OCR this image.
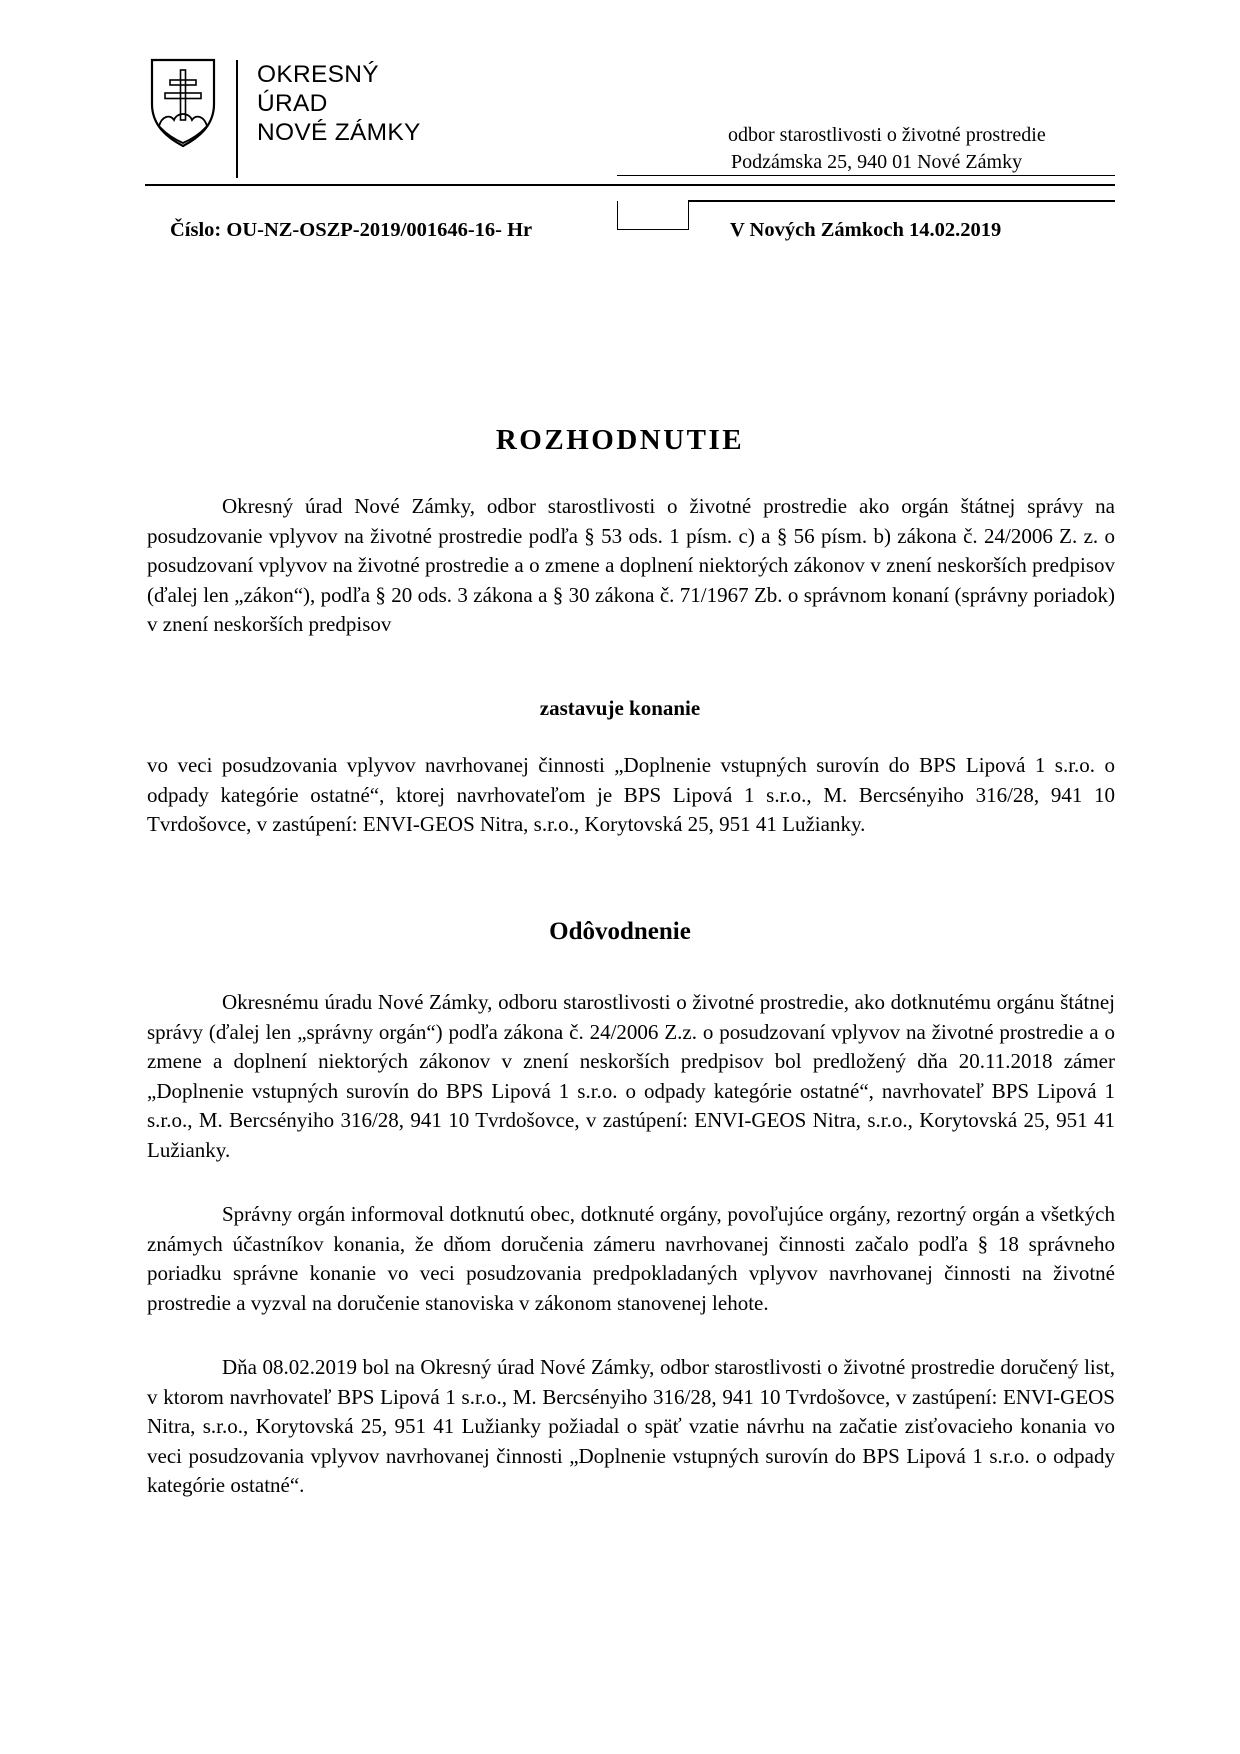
OKRESNÝ
ÚRAD
NOVÉ ZÁMKY	odbor starostlivosti o životné prostredie
Podzámska 25, 940 01 Nové Zámky
Číslo: OU-NZ-OSZP-2019/001646-16- Hr	V Nových Zámkoch 14.02.2019
ROZHODNUTIE
Okresný úrad Nové Zámky, odbor starostlivosti o životné prostredie ako orgán štátnej správy na posudzovanie vplyvov na životné prostredie podľa § 53 ods. 1 písm. c) a § 56 písm. b) zákona č. 24/2006 Z. z. o posudzovaní vplyvov na životné prostredie a o zmene a doplnení niektorých zákonov v znení neskorších predpisov (ďalej len „zákon“), podľa § 20 ods. 3 zákona a § 30 zákona č. 71/1967 Zb. o správnom konaní (správny poriadok) v znení neskorších predpisov
zastavuje konanie
vo veci posudzovania vplyvov navrhovanej činnosti „Doplnenie vstupných surovín do BPS Lipová 1 s.r.o. o odpady kategórie ostatné“, ktorej navrhovateľom je BPS Lipová 1 s.r.o., M. Bercsényiho 316/28, 941 10 Tvrdošovce, v zastúpení: ENVI-GEOS Nitra, s.r.o., Korytovská 25, 951 41 Lužianky.
Odôvodnenie
Okresnému úradu Nové Zámky, odboru starostlivosti o životné prostredie, ako dotknutému orgánu štátnej správy (ďalej len „správny orgán“) podľa zákona č. 24/2006 Z.z. o posudzovaní vplyvov na životné prostredie a o zmene a doplnení niektorých zákonov v znení neskorších predpisov bol predložený dňa 20.11.2018 zámer „Doplnenie vstupných surovín do BPS Lipová 1 s.r.o. o odpady kategórie ostatné“, navrhovateľ BPS Lipová 1 s.r.o., M. Bercsényiho 316/28, 941 10 Tvrdošovce, v zastúpení: ENVI-GEOS Nitra, s.r.o., Korytovská 25, 951 41 Lužianky.
Správny orgán informoval dotknutú obec, dotknuté orgány, povoľujúce orgány, rezortný orgán a všetkých známych účastníkov konania, že dňom doručenia zámeru navrhovanej činnosti začalo podľa § 18 správneho poriadku správne konanie vo veci posudzovania predpokladaných vplyvov navrhovanej činnosti na životné prostredie a vyzval na doručenie stanoviska v zákonom stanovenej lehote.
Dňa 08.02.2019 bol na Okresný úrad Nové Zámky, odbor starostlivosti o životné prostredie doručený list, v ktorom navrhovateľ BPS Lipová 1 s.r.o., M. Bercsényiho 316/28, 941 10 Tvrdošovce, v zastúpení: ENVI-GEOS Nitra, s.r.o., Korytovská 25, 951 41 Lužianky požiadal o späť vzatie návrhu na začatie zisťovacieho konania vo veci posudzovania vplyvov navrhovanej činnosti „Doplnenie vstupných surovín do BPS Lipová 1 s.r.o. o odpady kategórie ostatné“.
